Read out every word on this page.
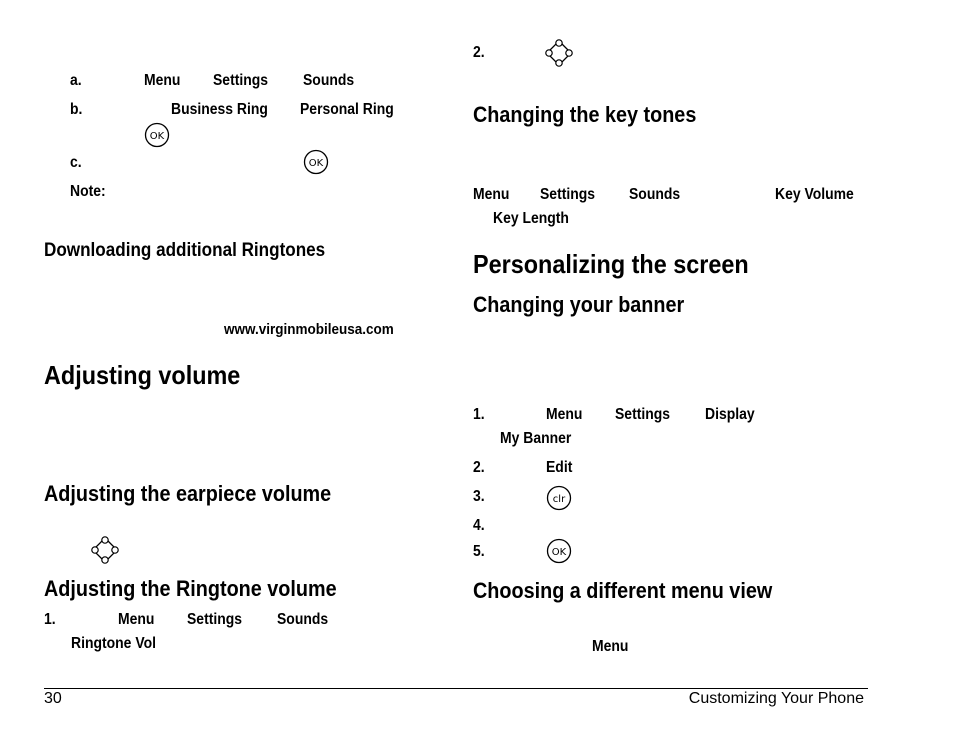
a.	Menu Settings Sounds
b.	Business Ring Personal Ring
OK
c.	OK
Note:
Downloading additional Ringtones
www.virginmobileusa.com
Adjusting volume
Adjusting the earpiece volume
Adjusting the Ringtone volume
1.	Menu Settings Sounds
Ringtone Vol
2.
Changing the key tones
Menu Settings Sounds	Key Volume
Key Length
Personalizing the screen
Changing your banner
1.	Menu Settings Display
My Banner
2.	Edit
3.	clr
4.
5.	OK
Choosing a different menu view
Menu
30	Customizing Your Phone
